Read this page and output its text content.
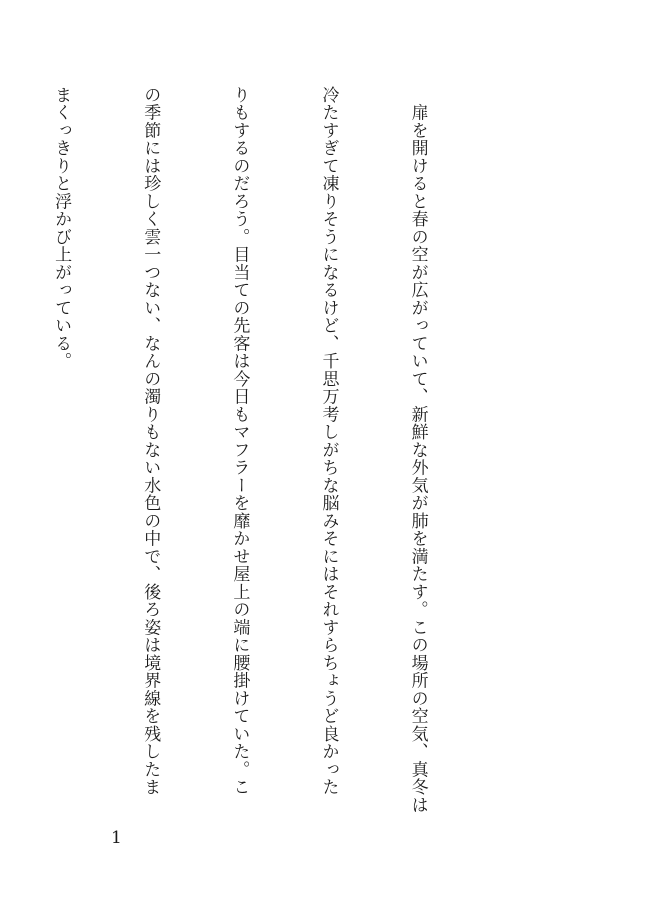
　扉を開けると春の空が広がっていて、新鮮な外気が肺を満たす。この場所の空気、真冬は

冷たすぎて凍りそうになるけど、千思万考しがちな脳みそにはそれすらちょうど良かった

りもするのだろう。目当ての先客は今日もマフラーを靡かせ屋上の端に腰掛けていた。こ

の季節には珍しく雲一つない、なんの濁りもない水色の中で、後ろ姿は境界線を残したま

まくっきりと浮かび上がっている。

1
